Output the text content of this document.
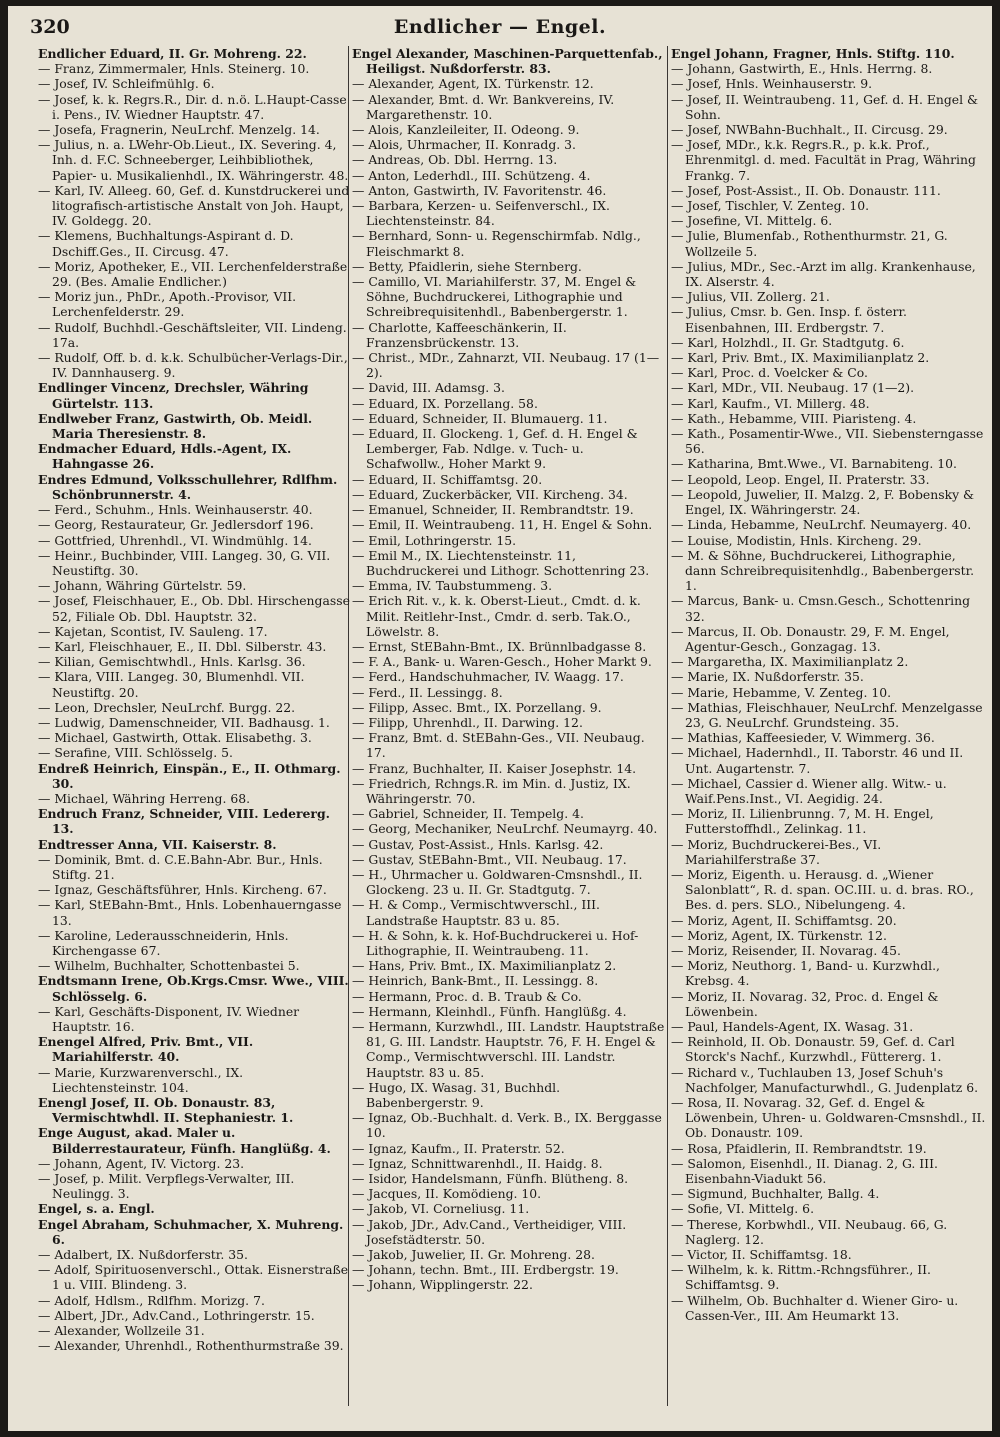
320	Endlicher — Engel.

Endlicher Eduard, II. Gr. Mohreng. 22.

— Franz, Zimmermaler, Hnls. Steinerg. 10.

— Josef, IV. Schleifmühlg. 6.

— Josef, k. k. Regrs.R., Dir. d. n.ö. L.Haupt-Casse i. Pens., IV. Wiedner Hauptstr. 47.

— Josefa, Fragnerin, NeuLrchf. Menzelg. 14.

— Julius, n. a. LWehr-Ob.Lieut., IX. Severing. 4, Inh. d. F.C. Schneeberger, Leihbibliothek, Papier- u. Musikalienhdl., IX. Währingerstr. 48.

— Karl, IV. Alleeg. 60, Gef. d. Kunstdruckerei und litografisch-artistische Anstalt von Joh. Haupt, IV. Goldegg. 20.

— Klemens, Buchhaltungs-Aspirant d. D. Dschiff.Ges., II. Circusg. 47.

— Moriz, Apotheker, E., VII. Lerchenfelderstraße 29. (Bes. Amalie Endlicher.)

— Moriz jun., PhDr., Apoth.-Provisor, VII. Lerchenfelderstr. 29.

— Rudolf, Buchhdl.-Geschäftsleiter, VII. Lindeng. 17a.

— Rudolf, Off. b. d. k.k. Schulbücher-Verlags-Dir., IV. Dannhauserg. 9.

Endlinger Vincenz, Drechsler, Währing Gürtelstr. 113.

Endlweber Franz, Gastwirth, Ob. Meidl. Maria Theresienstr. 8.

Endmacher Eduard, Hdls.-Agent, IX. Hahngasse 26.

Endres Edmund, Volksschullehrer, Rdlfhm. Schönbrunnerstr. 4.

— Ferd., Schuhm., Hnls. Weinhauserstr. 40.

— Georg, Restaurateur, Gr. Jedlersdorf 196.

— Gottfried, Uhrenhdl., VI. Windmühlg. 14.

— Heinr., Buchbinder, VIII. Langeg. 30, G. VII. Neustiftg. 30.

— Johann, Währing Gürtelstr. 59.

— Josef, Fleischhauer, E., Ob. Dbl. Hirschengasse 52, Filiale Ob. Dbl. Hauptstr. 32.

— Kajetan, Scontist, IV. Sauleng. 17.

— Karl, Fleischhauer, E., II. Dbl. Silberstr. 43.

— Kilian, Gemischtwhdl., Hnls. Karlsg. 36.

— Klara, VIII. Langeg. 30, Blumenhdl. VII. Neustiftg. 20.

— Leon, Drechsler, NeuLrchf. Burgg. 22.

— Ludwig, Damenschneider, VII. Badhausg. 1.

— Michael, Gastwirth, Ottak. Elisabethg. 3.

— Serafine, VIII. Schlösselg. 5.

Endreß Heinrich, Einspän., E., II. Othmarg. 30.

— Michael, Währing Herreng. 68.

Endruch Franz, Schneider, VIII. Ledererg. 13.

Endtresser Anna, VII. Kaiserstr. 8.

— Dominik, Bmt. d. C.E.Bahn-Abr. Bur., Hnls. Stiftg. 21.

— Ignaz, Geschäftsführer, Hnls. Kircheng. 67.

— Karl, StEBahn-Bmt., Hnls. Lobenhauerngasse 13.

— Karoline, Lederausschneiderin, Hnls. Kirchengasse 67.

— Wilhelm, Buchhalter, Schottenbastei 5.

Endtsmann Irene, Ob.Krgs.Cmsr. Wwe., VIII. Schlösselg. 6.

— Karl, Geschäfts-Disponent, IV. Wiedner Hauptstr. 16.

Enengel Alfred, Priv. Bmt., VII. Mariahilferstr. 40.

— Marie, Kurzwarenverschl., IX. Liechtensteinstr. 104.

Enengl Josef, II. Ob. Donaustr. 83, Vermischtwhdl. II. Stephaniestr. 1.

Enge August, akad. Maler u. Bilderrestaurateur, Fünfh. Hanglüßg. 4.

— Johann, Agent, IV. Victorg. 23.

— Josef, p. Milit. Verpflegs-Verwalter, III. Neulingg. 3.

Engel, s. a. Engl.

Engel Abraham, Schuhmacher, X. Muhreng. 6.

— Adalbert, IX. Nußdorferstr. 35.

— Adolf, Spirituosenverschl., Ottak. Eisnerstraße 1 u. VIII. Blindeng. 3.

— Adolf, Hdlsm., Rdlfhm. Morizg. 7.

— Albert, JDr., Adv.Cand., Lothringerstr. 15.

— Alexander, Wollzeile 31.

— Alexander, Uhrenhdl., Rothenthurmstraße 39.

Engel Alexander, Maschinen-Parquettenfab., Heiligst. Nußdorferstr. 83.

— Alexander, Agent, IX. Türkenstr. 12.

— Alexander, Bmt. d. Wr. Bankvereins, IV. Margarethenstr. 10.

— Alois, Kanzleileiter, II. Odeong. 9.

— Alois, Uhrmacher, II. Konradg. 3.

— Andreas, Ob. Dbl. Herrng. 13.

— Anton, Lederhdl., III. Schützeng. 4.

— Anton, Gastwirth, IV. Favoritenstr. 46.

— Barbara, Kerzen- u. Seifenverschl., IX. Liechtensteinstr. 84.

— Bernhard, Sonn- u. Regenschirmfab. Ndlg., Fleischmarkt 8.

— Betty, Pfaidlerin, siehe Sternberg.

— Camillo, VI. Mariahilferstr. 37, M. Engel & Söhne, Buchdruckerei, Lithographie und Schreibrequisitenhdl., Babenbergerstr. 1.

— Charlotte, Kaffeeschänkerin, II. Franzensbrückenstr. 13.

— Christ., MDr., Zahnarzt, VII. Neubaug. 17 (1—2).

— David, III. Adamsg. 3.

— Eduard, IX. Porzellang. 58.

— Eduard, Schneider, II. Blumauerg. 11.

— Eduard, II. Glockeng. 1, Gef. d. H. Engel & Lemberger, Fab. Ndlge. v. Tuch- u. Schafwollw., Hoher Markt 9.

— Eduard, II. Schiffamtsg. 20.

— Eduard, Zuckerbäcker, VII. Kircheng. 34.

— Emanuel, Schneider, II. Rembrandtstr. 19.

— Emil, II. Weintraubeng. 11, H. Engel & Sohn.

— Emil, Lothringerstr. 15.

— Emil M., IX. Liechtensteinstr. 11, Buchdruckerei und Lithogr. Schottenring 23.

— Emma, IV. Taubstummeng. 3.

— Erich Rit. v., k. k. Oberst-Lieut., Cmdt. d. k. Milit. Reitlehr-Inst., Cmdr. d. serb. Tak.O., Löwelstr. 8.

— Ernst, StEBahn-Bmt., IX. Brünnlbadgasse 8.

— F. A., Bank- u. Waren-Gesch., Hoher Markt 9.

— Ferd., Handschuhmacher, IV. Waagg. 17.

— Ferd., II. Lessingg. 8.

— Filipp, Assec. Bmt., IX. Porzellang. 9.

— Filipp, Uhrenhdl., II. Darwing. 12.

— Franz, Bmt. d. StEBahn-Ges., VII. Neubaug. 17.

— Franz, Buchhalter, II. Kaiser Josephstr. 14.

— Friedrich, Rchngs.R. im Min. d. Justiz, IX. Währingerstr. 70.

— Gabriel, Schneider, II. Tempelg. 4.

— Georg, Mechaniker, NeuLrchf. Neumayrg. 40.

— Gustav, Post-Assist., Hnls. Karlsg. 42.

— Gustav, StEBahn-Bmt., VII. Neubaug. 17.

— H., Uhrmacher u. Goldwaren-Cmsnshdl., II. Glockeng. 23 u. II. Gr. Stadtgutg. 7.

— H. & Comp., Vermischtwverschl., III. Landstraße Hauptstr. 83 u. 85.

— H. & Sohn, k. k. Hof-Buchdruckerei u. Hof-Lithographie, II. Weintraubeng. 11.

— Hans, Priv. Bmt., IX. Maximilianplatz 2.

— Heinrich, Bank-Bmt., II. Lessingg. 8.

— Hermann, Proc. d. B. Traub & Co.

— Hermann, Kleinhdl., Fünfh. Hanglüßg. 4.

— Hermann, Kurzwhdl., III. Landstr. Hauptstraße 81, G. III. Landstr. Hauptstr. 76, F. H. Engel & Comp., Vermischtwverschl. III. Landstr. Hauptstr. 83 u. 85.

— Hugo, IX. Wasag. 31, Buchhdl. Babenbergerstr. 9.

— Ignaz, Ob.-Buchhalt. d. Verk. B., IX. Berggasse 10.

— Ignaz, Kaufm., II. Praterstr. 52.

— Ignaz, Schnittwarenhdl., II. Haidg. 8.

— Isidor, Handelsmann, Fünfh. Blütheng. 8.

— Jacques, II. Komödieng. 10.

— Jakob, VI. Corneliusg. 11.

— Jakob, JDr., Adv.Cand., Vertheidiger, VIII. Josefstädterstr. 50.

— Jakob, Juwelier, II. Gr. Mohreng. 28.

— Johann, techn. Bmt., III. Erdbergstr. 19.

— Johann, Wipplingerstr. 22.

Engel Johann, Fragner, Hnls. Stiftg. 110.

— Johann, Gastwirth, E., Hnls. Herrng. 8.

— Josef, Hnls. Weinhauserstr. 9.

— Josef, II. Weintraubeng. 11, Gef. d. H. Engel & Sohn.

— Josef, NWBahn-Buchhalt., II. Circusg. 29.

— Josef, MDr., k.k. Regrs.R., p. k.k. Prof., Ehrenmitgl. d. med. Facultät in Prag, Währing Frankg. 7.

— Josef, Post-Assist., II. Ob. Donaustr. 111.

— Josef, Tischler, V. Zenteg. 10.

— Josefine, VI. Mittelg. 6.

— Julie, Blumenfab., Rothenthurmstr. 21, G. Wollzeile 5.

— Julius, MDr., Sec.-Arzt im allg. Krankenhause, IX. Alserstr. 4.

— Julius, VII. Zollerg. 21.

— Julius, Cmsr. b. Gen. Insp. f. österr. Eisenbahnen, III. Erdbergstr. 7.

— Karl, Holzhdl., II. Gr. Stadtgutg. 6.

— Karl, Priv. Bmt., IX. Maximilianplatz 2.

— Karl, Proc. d. Voelcker & Co.

— Karl, MDr., VII. Neubaug. 17 (1—2).

— Karl, Kaufm., VI. Millerg. 48.

— Kath., Hebamme, VIII. Piaristeng. 4.

— Kath., Posamentir-Wwe., VII. Siebensterngasse 56.

— Katharina, Bmt.Wwe., VI. Barnabiteng. 10.

— Leopold, Leop. Engel, II. Praterstr. 33.

— Leopold, Juwelier, II. Malzg. 2, F. Bobensky & Engel, IX. Währingerstr. 24.

— Linda, Hebamme, NeuLrchf. Neumayerg. 40.

— Louise, Modistin, Hnls. Kircheng. 29.

— M. & Söhne, Buchdruckerei, Lithographie, dann Schreibrequisitenhdlg., Babenbergerstr. 1.

— Marcus, Bank- u. Cmsn.Gesch., Schottenring 32.

— Marcus, II. Ob. Donaustr. 29, F. M. Engel, Agentur-Gesch., Gonzagag. 13.

— Margaretha, IX. Maximilianplatz 2.

— Marie, IX. Nußdorferstr. 35.

— Marie, Hebamme, V. Zenteg. 10.

— Mathias, Fleischhauer, NeuLrchf. Menzelgasse 23, G. NeuLrchf. Grundsteing. 35.

— Mathias, Kaffeesieder, V. Wimmerg. 36.

— Michael, Hadernhdl., II. Taborstr. 46 und II. Unt. Augartenstr. 7.

— Michael, Cassier d. Wiener allg. Witw.- u. Waif.Pens.Inst., VI. Aegidig. 24.

— Moriz, II. Lilienbrunng. 7, M. H. Engel, Futterstoffhdl., Zelinkag. 11.

— Moriz, Buchdruckerei-Bes., VI. Mariahilferstraße 37.

— Moriz, Eigenth. u. Herausg. d. „Wiener Salonblatt“, R. d. span. OC.III. u. d. bras. RO., Bes. d. pers. SLO., Nibelungeng. 4.

— Moriz, Agent, II. Schiffamtsg. 20.

— Moriz, Agent, IX. Türkenstr. 12.

— Moriz, Reisender, II. Novarag. 45.

— Moriz, Neuthorg. 1, Band- u. Kurzwhdl., Krebsg. 4.

— Moriz, II. Novarag. 32, Proc. d. Engel & Löwenbein.

— Paul, Handels-Agent, IX. Wasag. 31.

— Reinhold, II. Ob. Donaustr. 59, Gef. d. Carl Storck's Nachf., Kurzwhdl., Füttererg. 1.

— Richard v., Tuchlauben 13, Josef Schuh's Nachfolger, Manufacturwhdl., G. Judenplatz 6.

— Rosa, II. Novarag. 32, Gef. d. Engel & Löwenbein, Uhren- u. Goldwaren-Cmsnshdl., II. Ob. Donaustr. 109.

— Rosa, Pfaidlerin, II. Rembrandtstr. 19.

— Salomon, Eisenhdl., II. Dianag. 2, G. III. Eisenbahn-Viadukt 56.

— Sigmund, Buchhalter, Ballg. 4.

— Sofie, VI. Mittelg. 6.

— Therese, Korbwhdl., VII. Neubaug. 66, G. Naglerg. 12.

— Victor, II. Schiffamtsg. 18.

— Wilhelm, k. k. Rittm.-Rchngsführer., II. Schiffamtsg. 9.

— Wilhelm, Ob. Buchhalter d. Wiener Giro- u. Cassen-Ver., III. Am Heumarkt 13.
